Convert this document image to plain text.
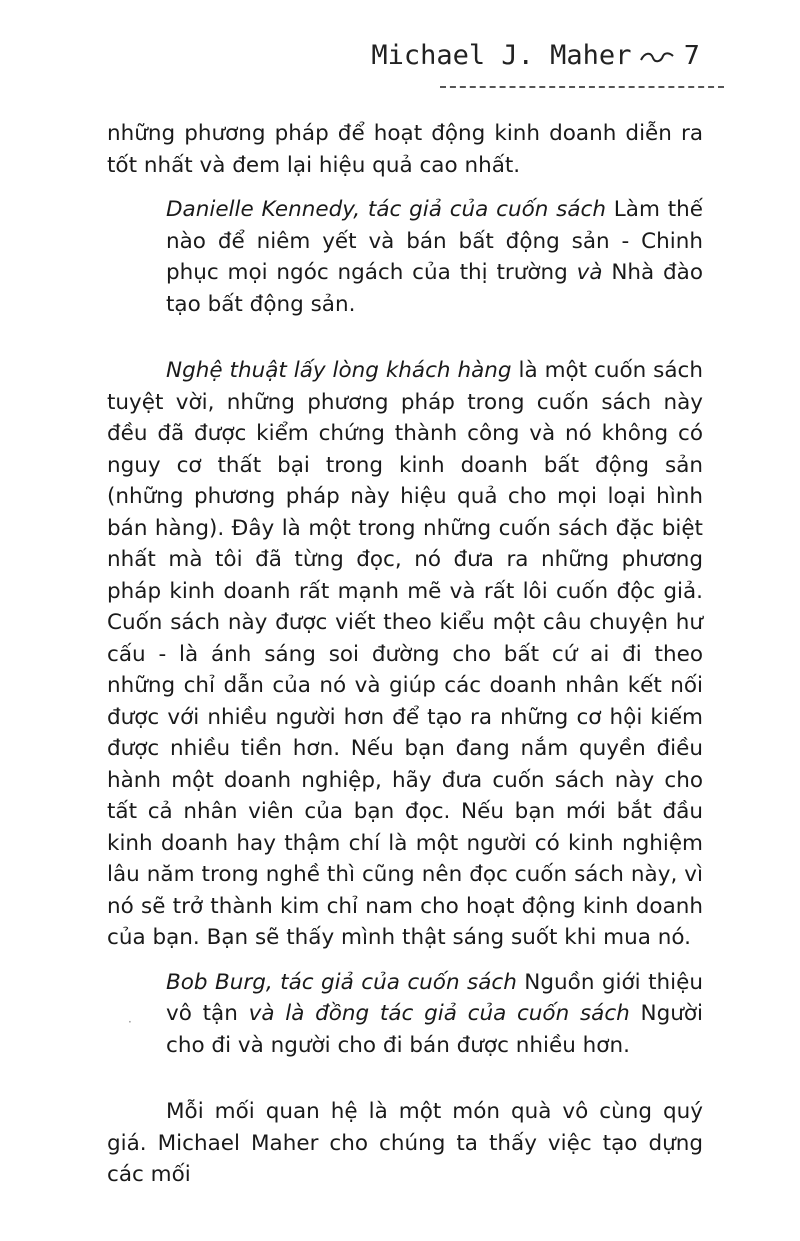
Michael J. Maher 7

những phương pháp để hoạt động kinh doanh diễn ra tốt nhất và đem lại hiệu quả cao nhất.

Danielle Kennedy, tác giả của cuốn sách Làm thế nào để niêm yết và bán bất động sản - Chinh phục mọi ngóc ngách của thị trường và Nhà đào tạo bất động sản.

Nghệ thuật lấy lòng khách hàng là một cuốn sách tuyệt vời, những phương pháp trong cuốn sách này đều đã được kiểm chứng thành công và nó không có nguy cơ thất bại trong kinh doanh bất động sản (những phương pháp này hiệu quả cho mọi loại hình bán hàng). Đây là một trong những cuốn sách đặc biệt nhất mà tôi đã từng đọc, nó đưa ra những phương pháp kinh doanh rất mạnh mẽ và rất lôi cuốn độc giả. Cuốn sách này được viết theo kiểu một câu chuyện hư cấu - là ánh sáng soi đường cho bất cứ ai đi theo những chỉ dẫn của nó và giúp các doanh nhân kết nối được với nhiều người hơn để tạo ra những cơ hội kiếm được nhiều tiền hơn. Nếu bạn đang nắm quyền điều hành một doanh nghiệp, hãy đưa cuốn sách này cho tất cả nhân viên của bạn đọc. Nếu bạn mới bắt đầu kinh doanh hay thậm chí là một người có kinh nghiệm lâu năm trong nghề thì cũng nên đọc cuốn sách này, vì nó sẽ trở thành kim chỉ nam cho hoạt động kinh doanh của bạn. Bạn sẽ thấy mình thật sáng suốt khi mua nó.

Bob Burg, tác giả của cuốn sách Nguồn giới thiệu vô tận và là đồng tác giả của cuốn sách Người cho đi và người cho đi bán được nhiều hơn.

Mỗi mối quan hệ là một món quà vô cùng quý giá. Michael Maher cho chúng ta thấy việc tạo dựng các mối

·
